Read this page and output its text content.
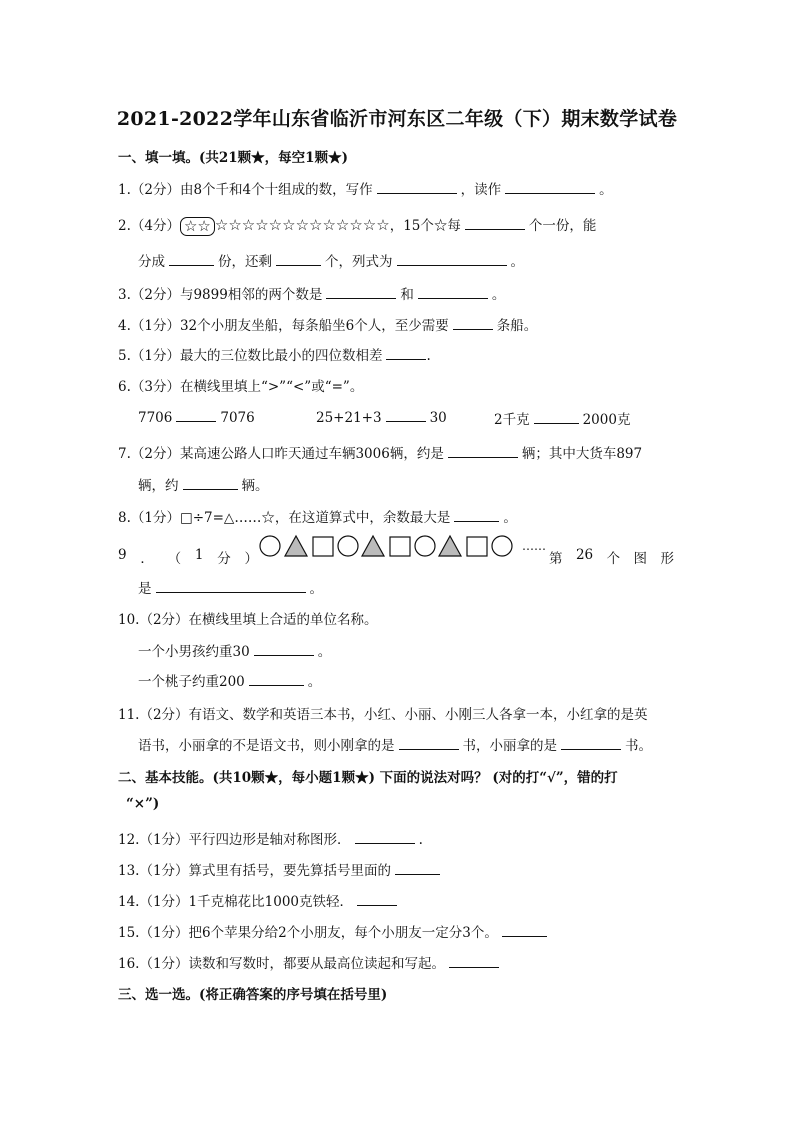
2021-2022学年山东省临沂市河东区二年级（下）期末数学试卷
一、填一填。(共21颗★，每空1颗★)
1.（2分）由8个千和4个十组成的数，写作	，读作	。
2.（4分） ☆☆ ☆☆☆☆☆☆☆☆☆☆☆☆☆，15个☆每	个一份，能
分成	份，还剩	个，列式为	。
3.（2分）与9899相邻的两个数是	和	。
4.（1分）32个小朋友坐船，每条船坐6个人，至少需要	条船。
5.（1分）最大的三位数比最小的四位数相差	.
6.（3分）在横线里填上“>”“<”或“=”。
7706	7076	25+21+3	30	2千克	2000克
7.（2分）某高速公路人口昨天通过车辆3006辆，约是	辆；其中大货车897
辆，约	辆。
8.（1分）□÷7=△……☆，在这道算式中，余数最大是	。
9 ． （ 1 分 ）
……
第 26 个 图 形
是	。
10.（2分）在横线里填上合适的单位名称。
一个小男孩约重30	。
一个桃子约重200	。
11.（2分）有语文、数学和英语三本书，小红、小丽、小刚三人各拿一本，小红拿的是英
语书，小丽拿的不是语文书，则小刚拿的是	书，小丽拿的是	书。
二、基本技能。(共10颗★，每小题1颗★) 下面的说法对吗？ (对的打“√”，错的打
“×”)
12.（1分）平行四边形是轴对称图形．	.
13.（1分）算式里有括号，要先算括号里面的
14.（1分）1千克棉花比1000克铁轻．
15.（1分）把6个苹果分给2个小朋友，每个小朋友一定分3个。
16.（1分）读数和写数时，都要从最高位读起和写起。
三、选一选。(将正确答案的序号填在括号里)
